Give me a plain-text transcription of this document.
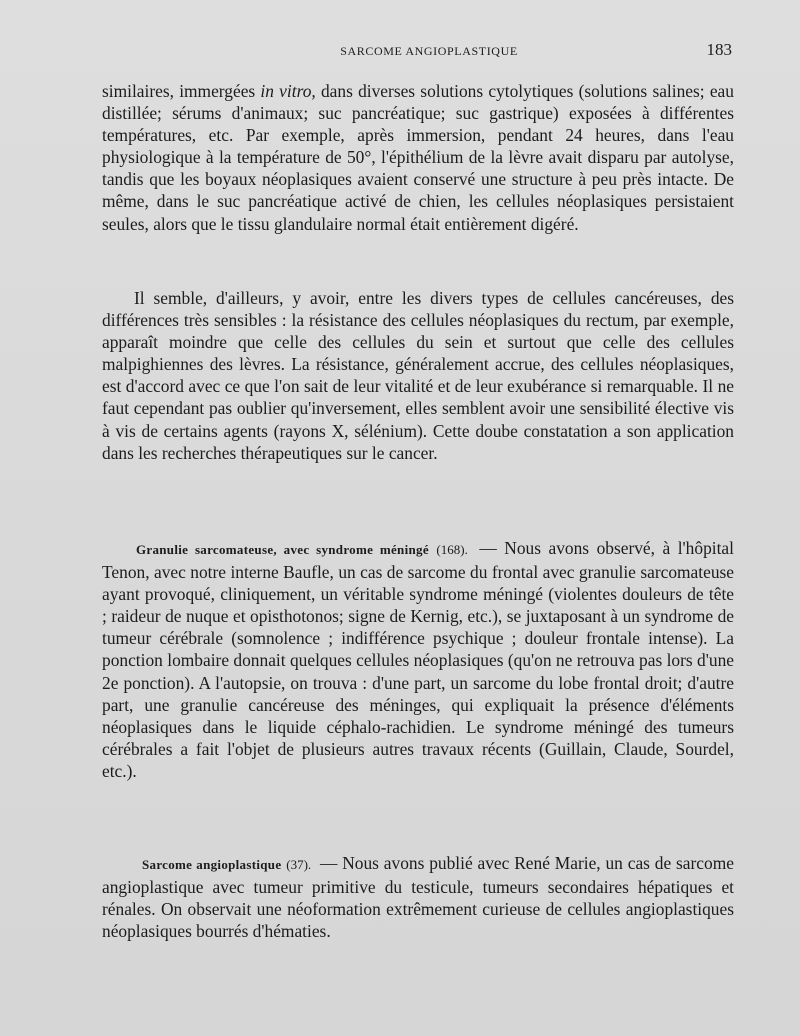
SARCOME ANGIOPLASTIQUE	183

similaires, immergées in vitro, dans diverses solutions cytolytiques (solutions salines; eau distillée; sérums d'animaux; suc pancréatique; suc gastrique) exposées à différentes températures, etc. Par exemple, après immersion, pendant 24 heures, dans l'eau physiologique à la température de 50°, l'épithélium de la lèvre avait disparu par autolyse, tandis que les boyaux néoplasiques avaient conservé une structure à peu près intacte. De même, dans le suc pancréatique activé de chien, les cellules néoplasiques persistaient seules, alors que le tissu glandulaire normal était entièrement digéré.

Il semble, d'ailleurs, y avoir, entre les divers types de cellules cancéreuses, des différences très sensibles : la résistance des cellules néoplasiques du rectum, par exemple, apparaît moindre que celle des cellules du sein et surtout que celle des cellules malpighiennes des lèvres. La résistance, généralement accrue, des cellules néoplasiques, est d'accord avec ce que l'on sait de leur vitalité et de leur exubérance si remarquable. Il ne faut cependant pas oublier qu'inversement, elles semblent avoir une sensibilité élective vis à vis de certains agents (rayons X, sélénium). Cette doube constatation a son application dans les recherches thérapeutiques sur le cancer.

Granulie sarcomateuse, avec syndrome méningé (168). — Nous avons observé, à l'hôpital Tenon, avec notre interne Baufle, un cas de sarcome du frontal avec granulie sarcomateuse ayant provoqué, cliniquement, un véritable syndrome méningé (violentes douleurs de tête ; raideur de nuque et opisthotonos; signe de Kernig, etc.), se juxtaposant à un syndrome de tumeur cérébrale (somnolence ; indifférence psychique ; douleur frontale intense). La ponction lombaire donnait quelques cellules néoplasiques (qu'on ne retrouva pas lors d'une 2e ponction). A l'autopsie, on trouva : d'une part, un sarcome du lobe frontal droit; d'autre part, une granulie cancéreuse des méninges, qui expliquait la présence d'éléments néoplasiques dans le liquide céphalo-rachidien. Le syndrome méningé des tumeurs cérébrales a fait l'objet de plusieurs autres travaux récents (Guillain, Claude, Sourdel, etc.).

Sarcome angioplastique (37). — Nous avons publié avec René Marie, un cas de sarcome angioplastique avec tumeur primitive du testicule, tumeurs secondaires hépatiques et rénales. On observait une néoformation extrêmement curieuse de cellules angioplastiques néoplasiques bourrés d'hématies.
